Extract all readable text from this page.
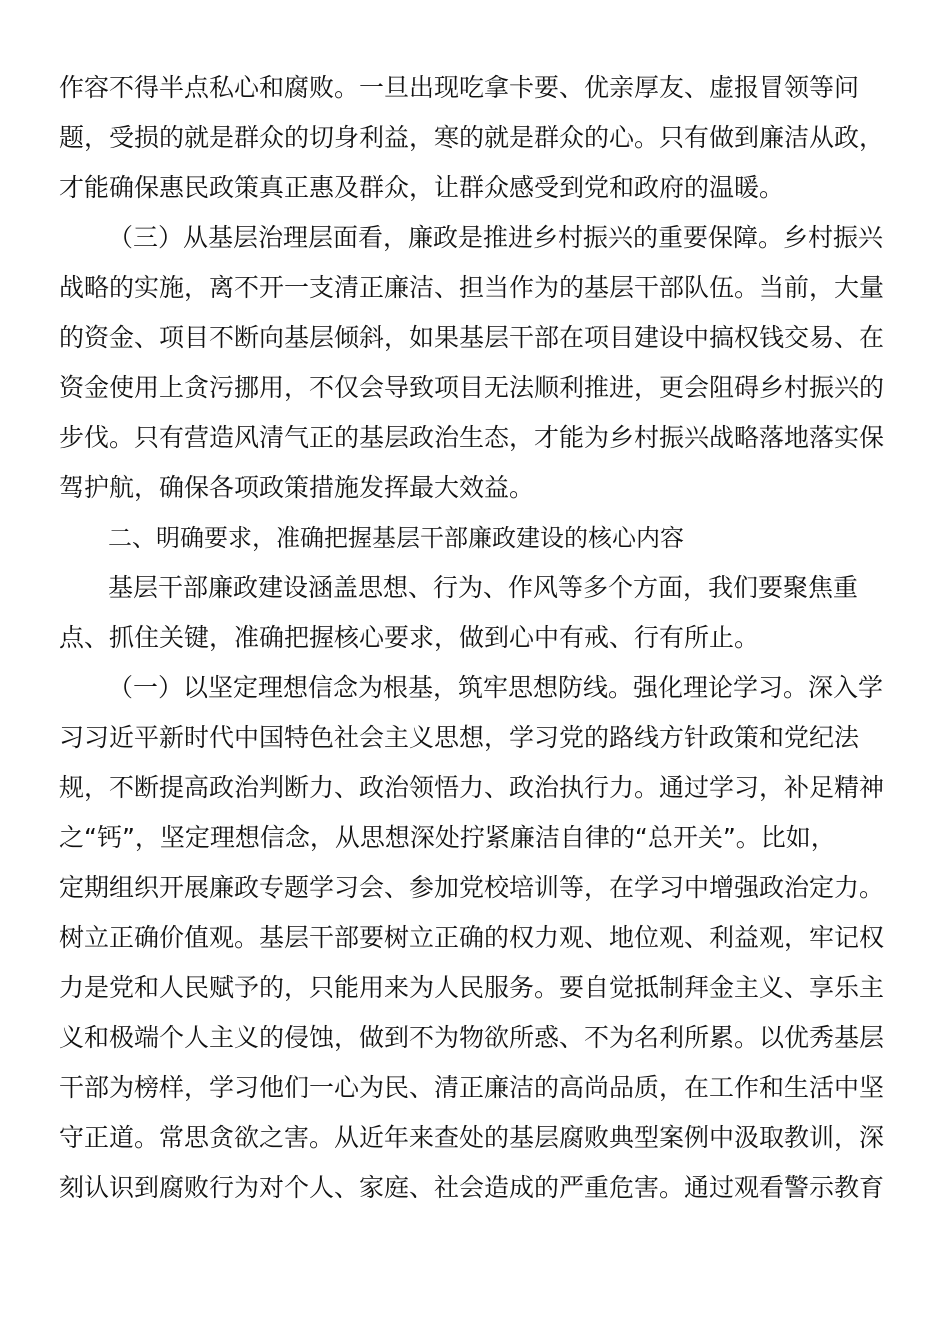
作容不得半点私心和腐败。一旦出现吃拿卡要、优亲厚友、虚报冒领等问
题，受损的就是群众的切身利益，寒的就是群众的心。只有做到廉洁从政，
才能确保惠民政策真正惠及群众，让群众感受到党和政府的温暖。
（三）从基层治理层面看，廉政是推进乡村振兴的重要保障。乡村振兴
战略的实施，离不开一支清正廉洁、担当作为的基层干部队伍。当前，大量
的资金、项目不断向基层倾斜，如果基层干部在项目建设中搞权钱交易、在
资金使用上贪污挪用，不仅会导致项目无法顺利推进，更会阻碍乡村振兴的
步伐。只有营造风清气正的基层政治生态，才能为乡村振兴战略落地落实保
驾护航，确保各项政策措施发挥最大效益。
二、明确要求，准确把握基层干部廉政建设的核心内容
基层干部廉政建设涵盖思想、行为、作风等多个方面，我们要聚焦重
点、抓住关键，准确把握核心要求，做到心中有戒、行有所止。
（一）以坚定理想信念为根基，筑牢思想防线。强化理论学习。深入学
习习近平新时代中国特色社会主义思想，学习党的路线方针政策和党纪法
规，不断提高政治判断力、政治领悟力、政治执行力。通过学习，补足精神
之“钙”，坚定理想信念，从思想深处拧紧廉洁自律的“总开关”。比如，
定期组织开展廉政专题学习会、参加党校培训等，在学习中增强政治定力。
树立正确价值观。基层干部要树立正确的权力观、地位观、利益观，牢记权
力是党和人民赋予的，只能用来为人民服务。要自觉抵制拜金主义、享乐主
义和极端个人主义的侵蚀，做到不为物欲所惑、不为名利所累。以优秀基层
干部为榜样，学习他们一心为民、清正廉洁的高尚品质，在工作和生活中坚
守正道。常思贪欲之害。从近年来查处的基层腐败典型案例中汲取教训，深
刻认识到腐败行为对个人、家庭、社会造成的严重危害。通过观看警示教育
